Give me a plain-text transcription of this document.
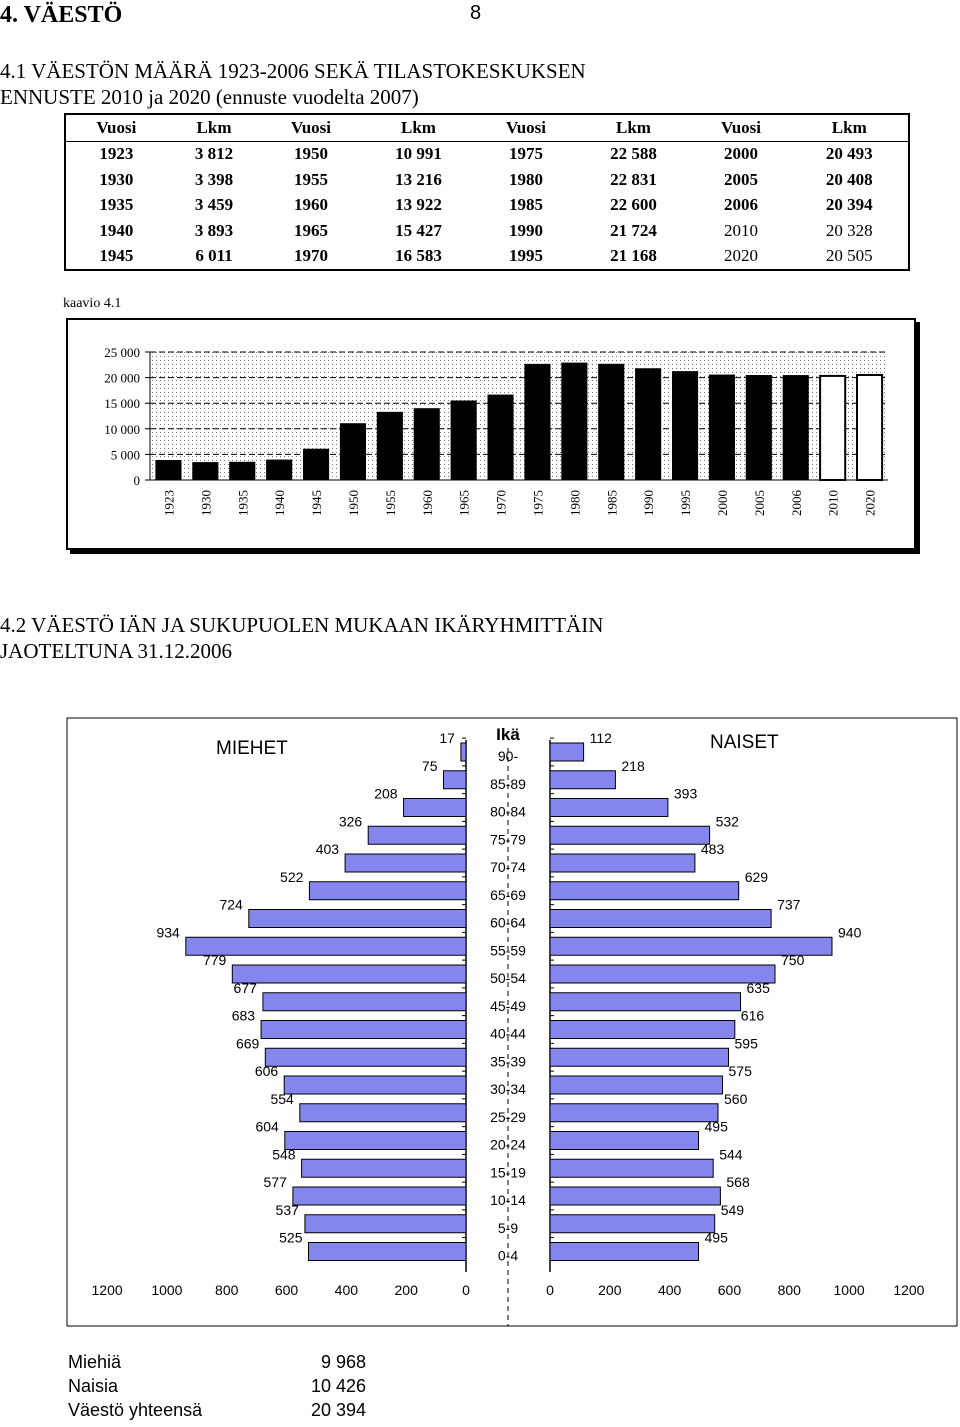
4. VÄESTÖ	8
4.1 VÄESTÖN MÄÄRÄ 1923-2006 SEKÄ TILASTOKESKUKSEN
ENNUSTE 2010 ja 2020 (ennuste vuodelta 2007)
Vuosi	Lkm	Vuosi	Lkm	Vuosi	Lkm	Vuosi	Lkm
1923	3 812	1950	10 991	1975	22 588	2000	20 493
1930	3 398	1955	13 216	1980	22 831	2005	20 408
1935	3 459	1960	13 922	1985	22 600	2006	20 394
1940	3 893	1965	15 427	1990	21 724	2010	20 328
1945	6 011	1970	16 583	1995	21 168	2020	20 505
kaavio 4.1
25 000
20 000
15 000
10 000
5 000
0
1923 1930 1935 1940 1945 1950 1955 1960 1965 1970 1975 1980 1985 1990 1995 2000 2005 2006 2010 2020
4.2 VÄESTÖ IÄN JA SUKUPUOLEN MUKAAN IKÄRYHMITTÄIN
JAOTELTUNA 31.12.2006
MIEHET	NAISET
Ikä
17	112
90-
75	218
85-89
208	393
80-84
326	532
75-79
403	483
70-74
522	629
65-69
724	737
60-64
934	940
55-59
779	750
50-54
677	635
45-49
683	616
40-44
669	595
35-39
606	575
30-34
554	560
25-29
604	495
20-24
548	544
15-19
577	568
10-14
537	549
5-9
525	495
0-4
1200 1000 800	600	400	200	0	0	200	400	600	800 1000 1200
Miehiä	9 968
Naisia	10 426
Väestö yhteensä	20 394
